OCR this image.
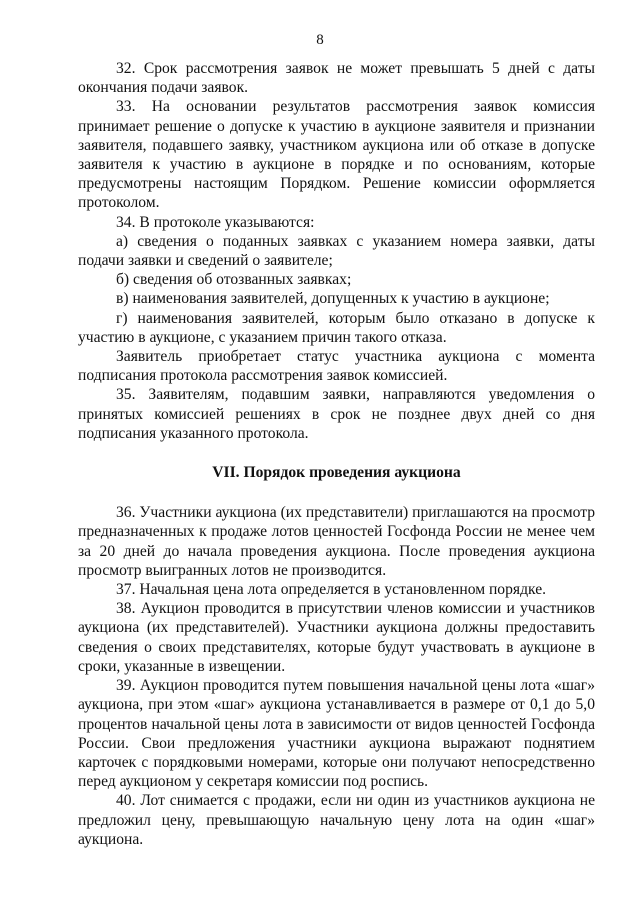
8

32. Срок рассмотрения заявок не может превышать 5 дней с даты окончания подачи заявок.

33. На основании результатов рассмотрения заявок комиссия принимает решение о допуске к участию в аукционе заявителя и признании заявителя, подавшего заявку, участником аукциона или об отказе в допуске заявителя к участию в аукционе в порядке и по основаниям, которые предусмотрены настоящим Порядком. Решение комиссии оформляется протоколом.

34. В протоколе указываются:

а) сведения о поданных заявках с указанием номера заявки, даты подачи заявки и сведений о заявителе;

б) сведения об отозванных заявках;

в) наименования заявителей, допущенных к участию в аукционе;

г) наименования заявителей, которым было отказано в допуске к участию в аукционе, с указанием причин такого отказа.

Заявитель приобретает статус участника аукциона с момента подписания протокола рассмотрения заявок комиссией.

35. Заявителям, подавшим заявки, направляются уведомления о принятых комиссией решениях в срок не позднее двух дней со дня подписания указанного протокола.

VII. Порядок проведения аукциона

36. Участники аукциона (их представители) приглашаются на просмотр предназначенных к продаже лотов ценностей Госфонда России не менее чем за 20 дней до начала проведения аукциона. После проведения аукциона просмотр выигранных лотов не производится.

37. Начальная цена лота определяется в установленном порядке.

38. Аукцион проводится в присутствии членов комиссии и участников аукциона (их представителей). Участники аукциона должны предоставить сведения о своих представителях, которые будут участвовать в аукционе в сроки, указанные в извещении.

39. Аукцион проводится путем повышения начальной цены лота «шаг» аукциона, при этом «шаг» аукциона устанавливается в размере от 0,1 до 5,0 процентов начальной цены лота в зависимости от видов ценностей Госфонда России. Свои предложения участники аукциона выражают поднятием карточек с порядковыми номерами, которые они получают непосредственно перед аукционом у секретаря комиссии под роспись.

40. Лот снимается с продажи, если ни один из участников аукциона не предложил цену, превышающую начальную цену лота на один «шаг» аукциона.
